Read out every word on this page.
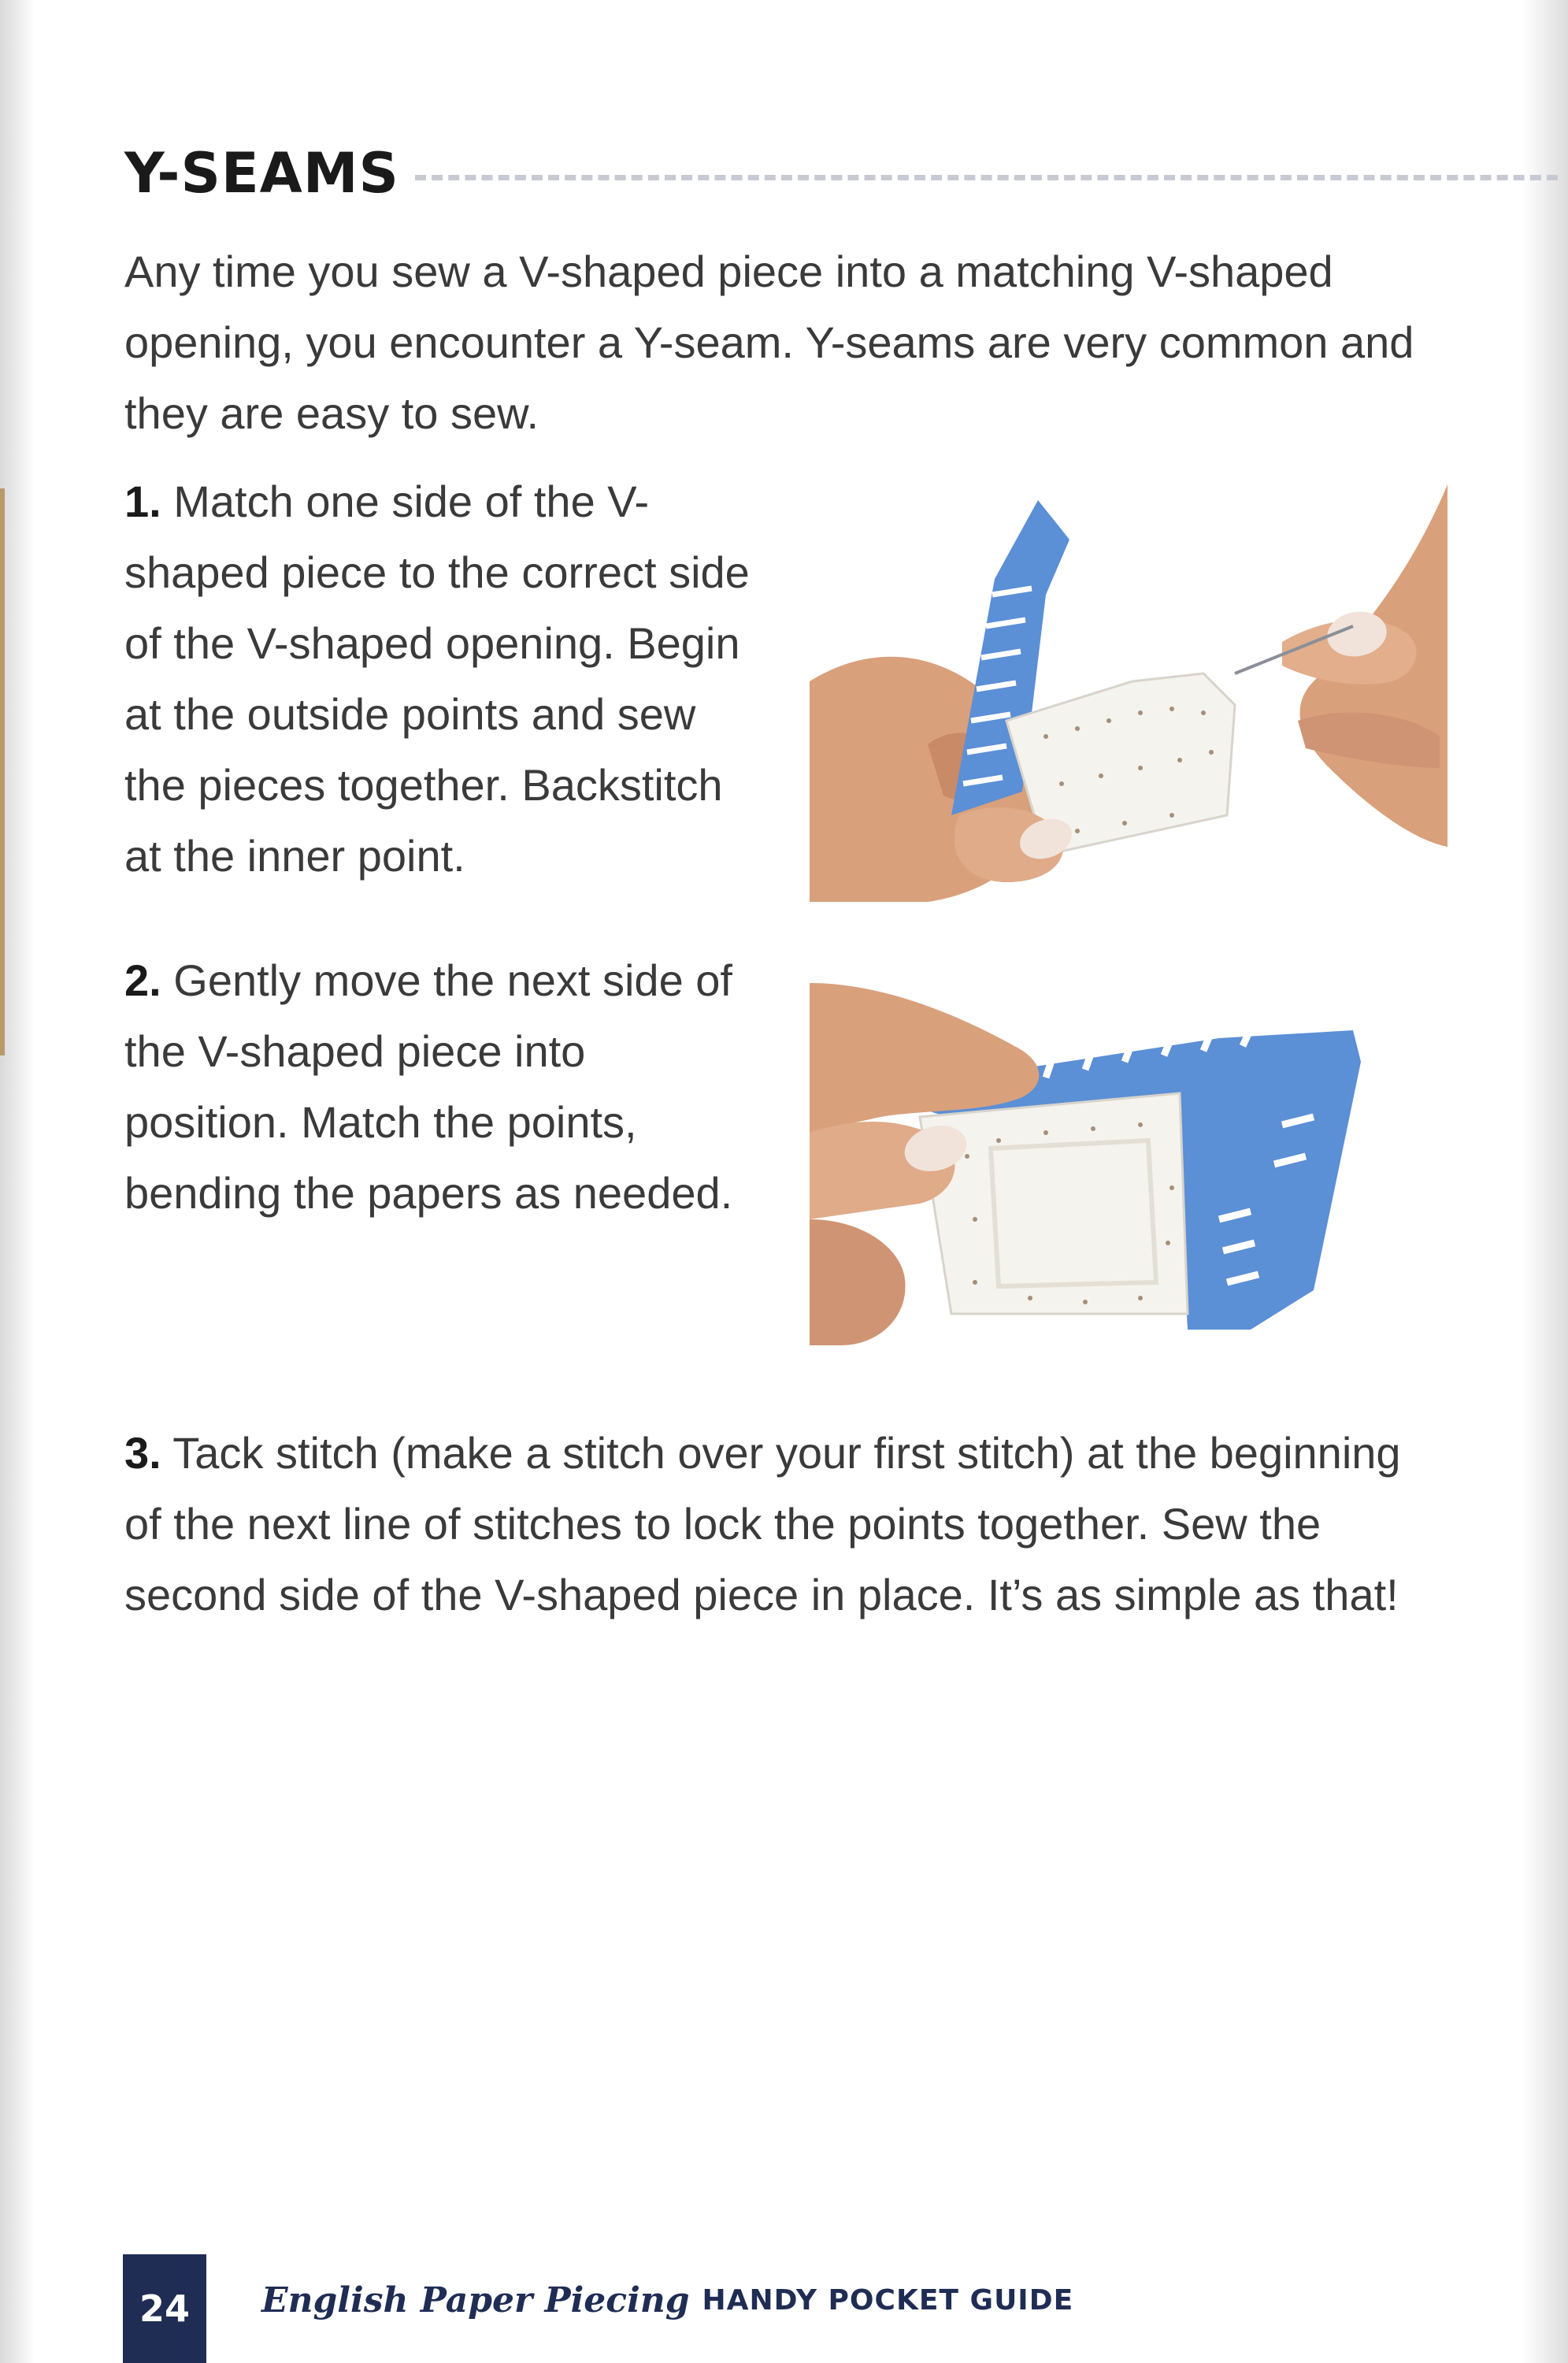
Y-SEAMS

Any time you sew a V-shaped piece into a matching V-shaped opening, you encounter a Y-seam. Y-seams are very common and they are easy to sew.

1. Match one side of the V-shaped piece to the correct side of the V-shaped opening. Begin at the outside points and sew the pieces together. Backstitch at the inner point.

2. Gently move the next side of the V-shaped piece into position. Match the points, bending the papers as needed.

3. Tack stitch (make a stitch over your first stitch) at the beginning of the next line of stitches to lock the points together. Sew the second side of the V-shaped piece in place. It’s as simple as that!

24	English Paper Piecing HANDY POCKET GUIDE
